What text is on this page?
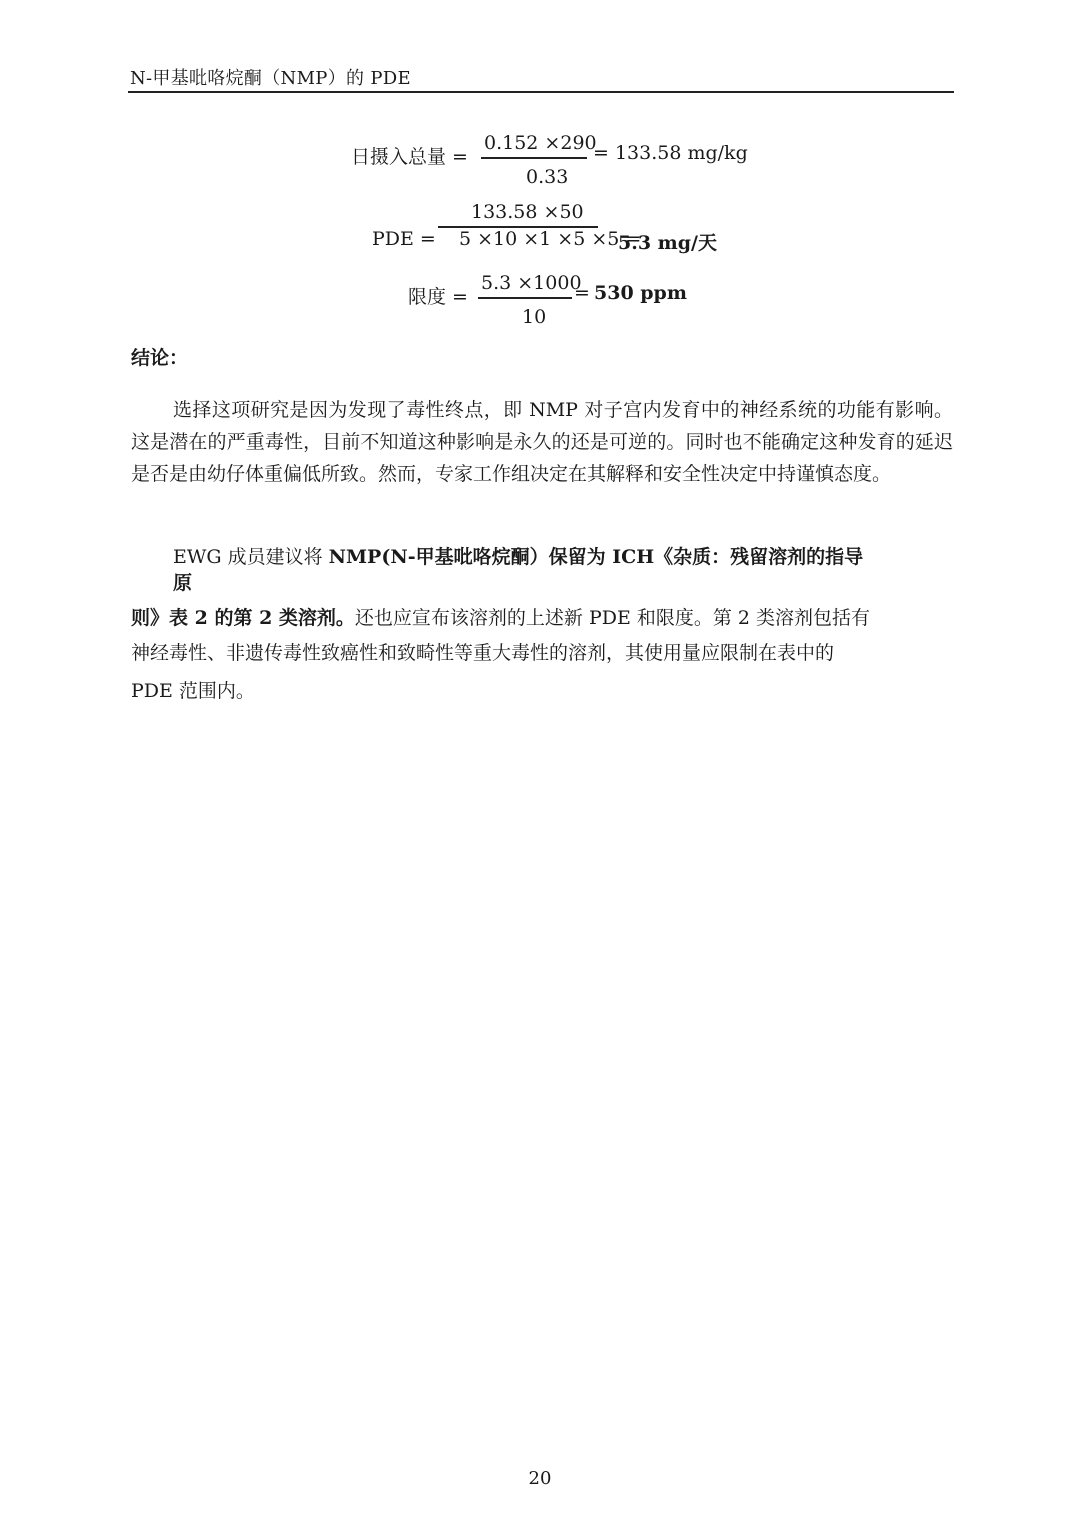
N-甲基吡咯烷酮（NMP）的 PDE
日摄入总量 =
0.152 ×290
0.33
= 133.58 mg/kg
133.58 ×50
PDE = 5 ×10 ×1 ×5 ×5 =
5.3 mg/天
限度 =
5.3 ×1000
10
= 530 ppm
结论：
选择这项研究是因为发现了毒性终点，即 NMP 对子宫内发育中的神经系统的功能有影响。这是潜在的严重毒性，目前不知道这种影响是永久的还是可逆的。同时也不能确定这种发育的延迟是否是由幼仔体重偏低所致。然而，专家工作组决定在其解释和安全性决定中持谨慎态度。
EWG 成员建议将 NMP(N-甲基吡咯烷酮）保留为 ICH《杂质：残留溶剂的指导
原
则》表 2 的第 2 类溶剂。还也应宣布该溶剂的上述新 PDE 和限度。第 2 类溶剂包括有
神经毒性、非遗传毒性致癌性和致畸性等重大毒性的溶剂，其使用量应限制在表中的
PDE 范围内。
20
